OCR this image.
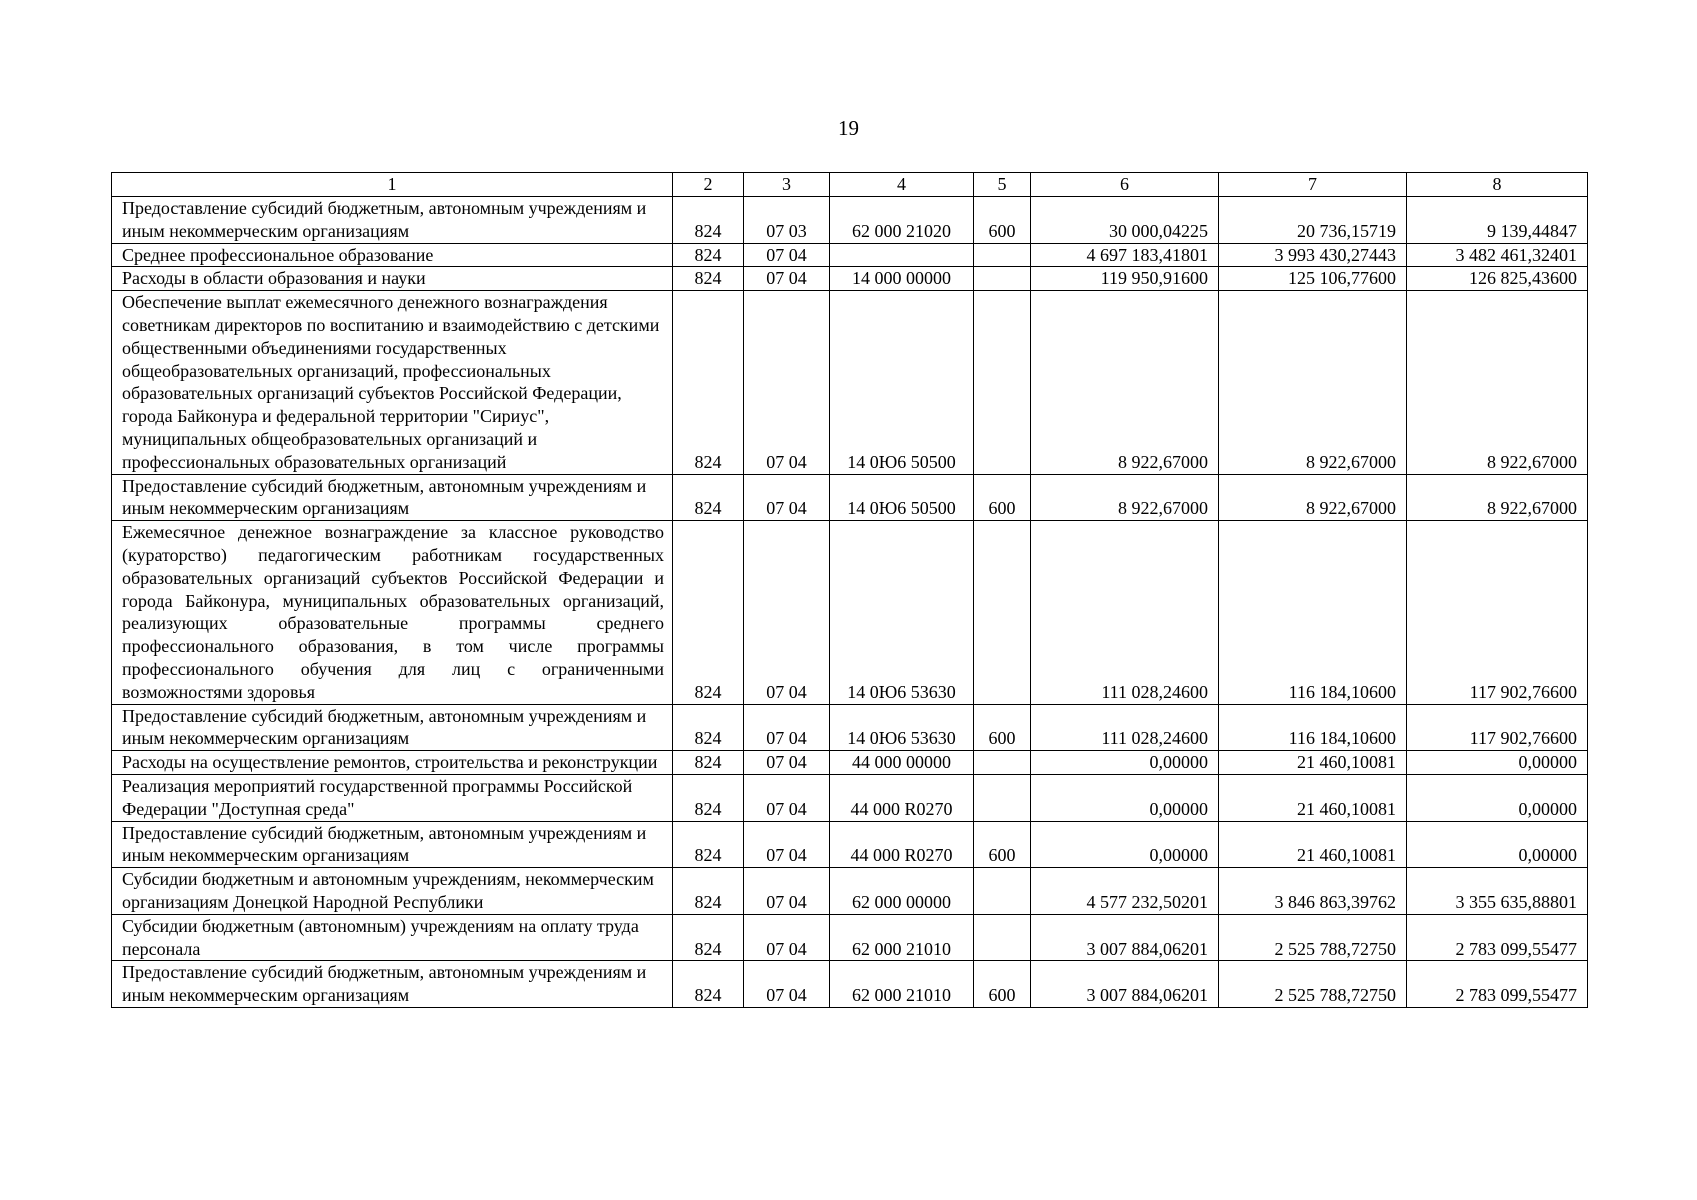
19
1	2	3	4	5	6	7	8
Предоставление субсидий бюджетным, автономным учреждениям и иным некоммерческим организациям	824	07 03	62 000 21020	600	30 000,04225	20 736,15719	9 139,44847
Среднее профессиональное образование	824	07 04			4 697 183,41801	3 993 430,27443	3 482 461,32401
Расходы в области образования и науки	824	07 04	14 000 00000		119 950,91600	125 106,77600	126 825,43600
Обеспечение выплат ежемесячного денежного вознаграждения советникам директоров по воспитанию и взаимодействию с детскими общественными объединениями государственных общеобразовательных организаций, профессиональных образовательных организаций субъектов Российской Федерации, города Байконура и федеральной территории "Сириус", муниципальных общеобразовательных организаций и профессиональных образовательных организаций	824	07 04	14 0Ю6 50500		8 922,67000	8 922,67000	8 922,67000
Предоставление субсидий бюджетным, автономным учреждениям и иным некоммерческим организациям	824	07 04	14 0Ю6 50500	600	8 922,67000	8 922,67000	8 922,67000
Ежемесячное денежное вознаграждение за классное руководство (кураторство) педагогическим работникам государственных образовательных организаций субъектов Российской Федерации и города Байконура, муниципальных образовательных организаций, реализующих образовательные программы среднего профессионального образования, в том числе программы профессионального обучения для лиц с ограниченными возможностями здоровья	824	07 04	14 0Ю6 53630		111 028,24600	116 184,10600	117 902,76600
Предоставление субсидий бюджетным, автономным учреждениям и иным некоммерческим организациям	824	07 04	14 0Ю6 53630	600	111 028,24600	116 184,10600	117 902,76600
Расходы на осуществление ремонтов, строительства и реконструкции	824	07 04	44 000 00000		0,00000	21 460,10081	0,00000
Реализация мероприятий государственной программы Российской Федерации "Доступная среда"	824	07 04	44 000 R0270		0,00000	21 460,10081	0,00000
Предоставление субсидий бюджетным, автономным учреждениям и иным некоммерческим организациям	824	07 04	44 000 R0270	600	0,00000	21 460,10081	0,00000
Субсидии бюджетным и автономным учреждениям, некоммерческим организациям Донецкой Народной Республики	824	07 04	62 000 00000		4 577 232,50201	3 846 863,39762	3 355 635,88801
Субсидии бюджетным (автономным) учреждениям на оплату труда персонала	824	07 04	62 000 21010		3 007 884,06201	2 525 788,72750	2 783 099,55477
Предоставление субсидий бюджетным, автономным учреждениям и иным некоммерческим организациям	824	07 04	62 000 21010	600	3 007 884,06201	2 525 788,72750	2 783 099,55477
